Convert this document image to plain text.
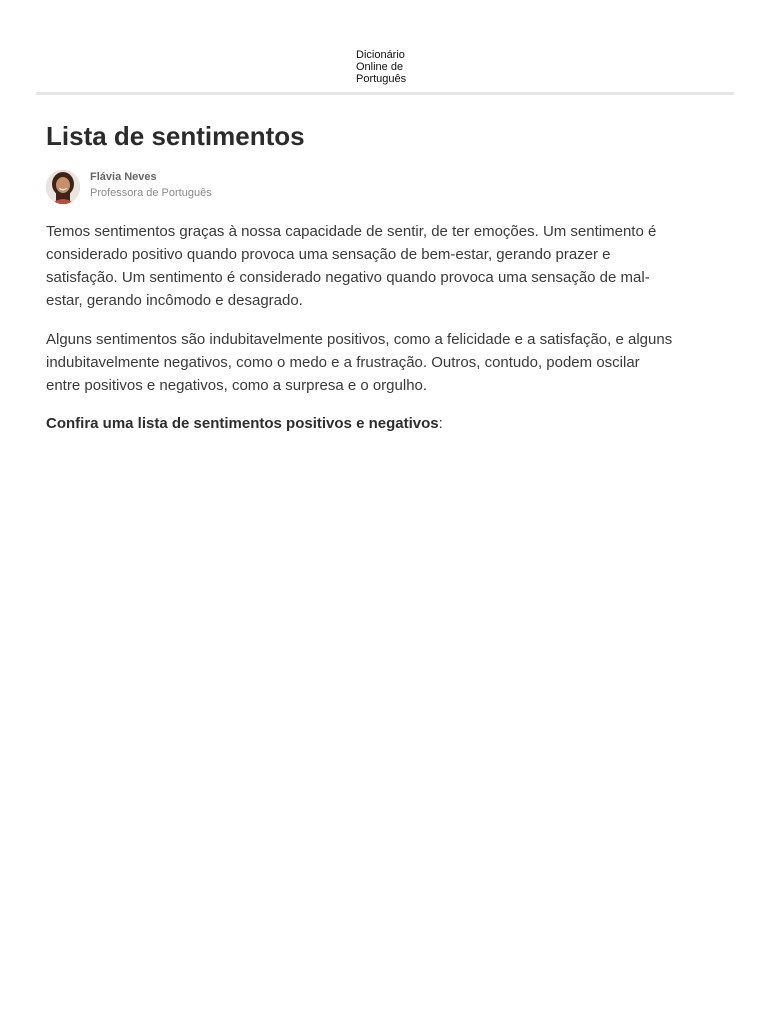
Dicionário
Online de
Português
Lista de sentimentos
Flávia Neves
Professora de Português

Temos sentimentos graças à nossa capacidade de sentir, de ter emoções. Um sentimento é considerado positivo quando provoca uma sensação de bem-estar, gerando prazer e satisfação. Um sentimento é considerado negativo quando provoca uma sensação de mal-estar, gerando incômodo e desagrado.

Alguns sentimentos são indubitavelmente positivos, como a felicidade e a satisfação, e alguns indubitavelmente negativos, como o medo e a frustração. Outros, contudo, podem oscilar entre positivos e negativos, como a surpresa e o orgulho.

Confira uma lista de sentimentos positivos e negativos:
